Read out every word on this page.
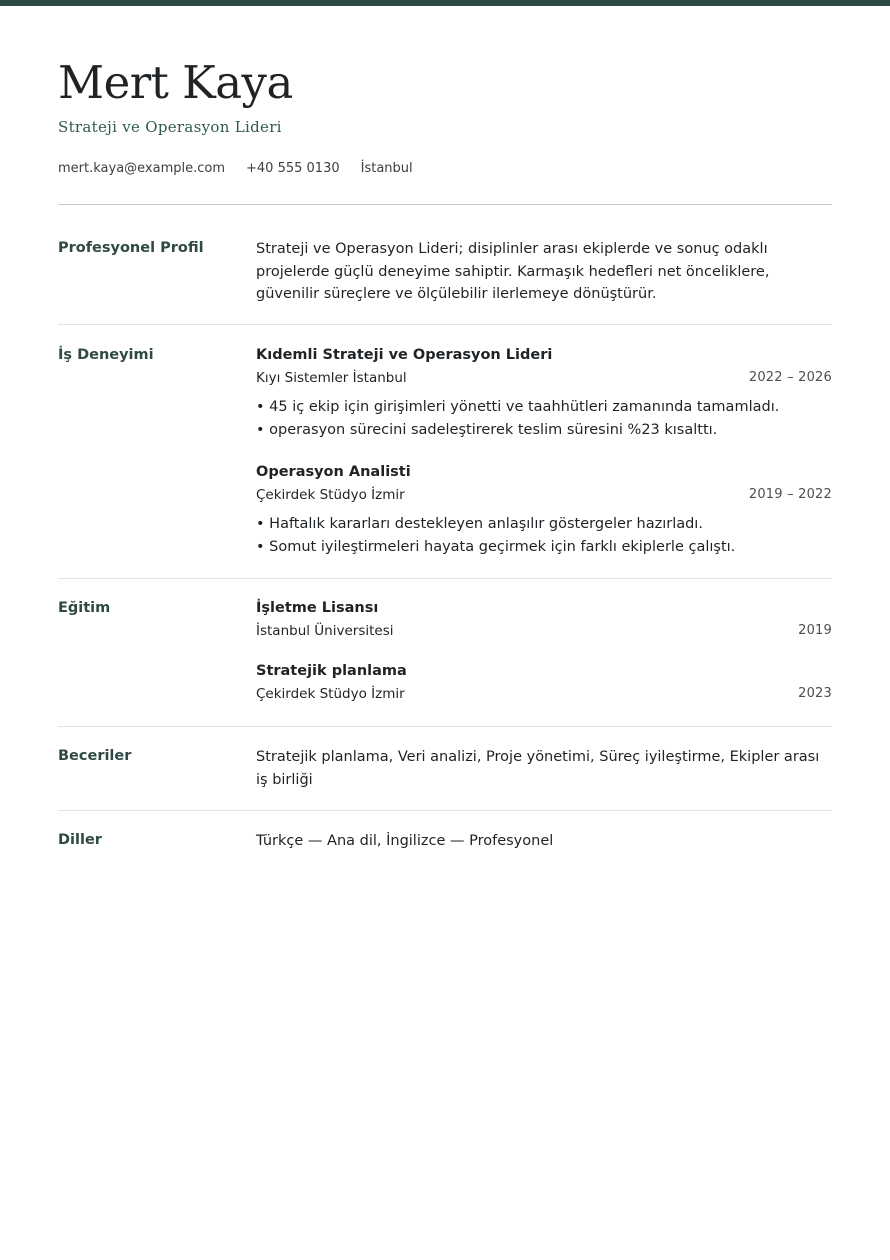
Mert Kaya
Strateji ve Operasyon Lideri
mert.kaya@example.com +40 555 0130 İstanbul
Profesyonel Profil	Strateji ve Operasyon Lideri; disiplinler arası ekiplerde ve sonuç odaklı projelerde güçlü deneyime sahiptir. Karmaşık hedefleri net önceliklere, güvenilir süreçlere ve ölçülebilir ilerlemeye dönüştürür.

İş Deneyimi	Kıdemli Strateji ve Operasyon Lideri
Kıyı Sistemler İstanbul	2022 – 2026
• 45 iç ekip için girişimleri yönetti ve taahhütleri zamanında tamamladı.
• operasyon sürecini sadeleştirerek teslim süresini %23 kısalttı.
Operasyon Analisti
Çekirdek Stüdyo İzmir	2019 – 2022
• Haftalık kararları destekleyen anlaşılır göstergeler hazırladı.
• Somut iyileştirmeleri hayata geçirmek için farklı ekiplerle çalıştı.
Eğitim	İşletme Lisansı
İstanbul Üniversitesi	2019
Stratejik planlama
Çekirdek Stüdyo İzmir	2023
Beceriler	Stratejik planlama, Veri analizi, Proje yönetimi, Süreç iyileştirme, Ekipler arası iş birliği

Diller	Türkçe — Ana dil, İngilizce — Profesyonel
